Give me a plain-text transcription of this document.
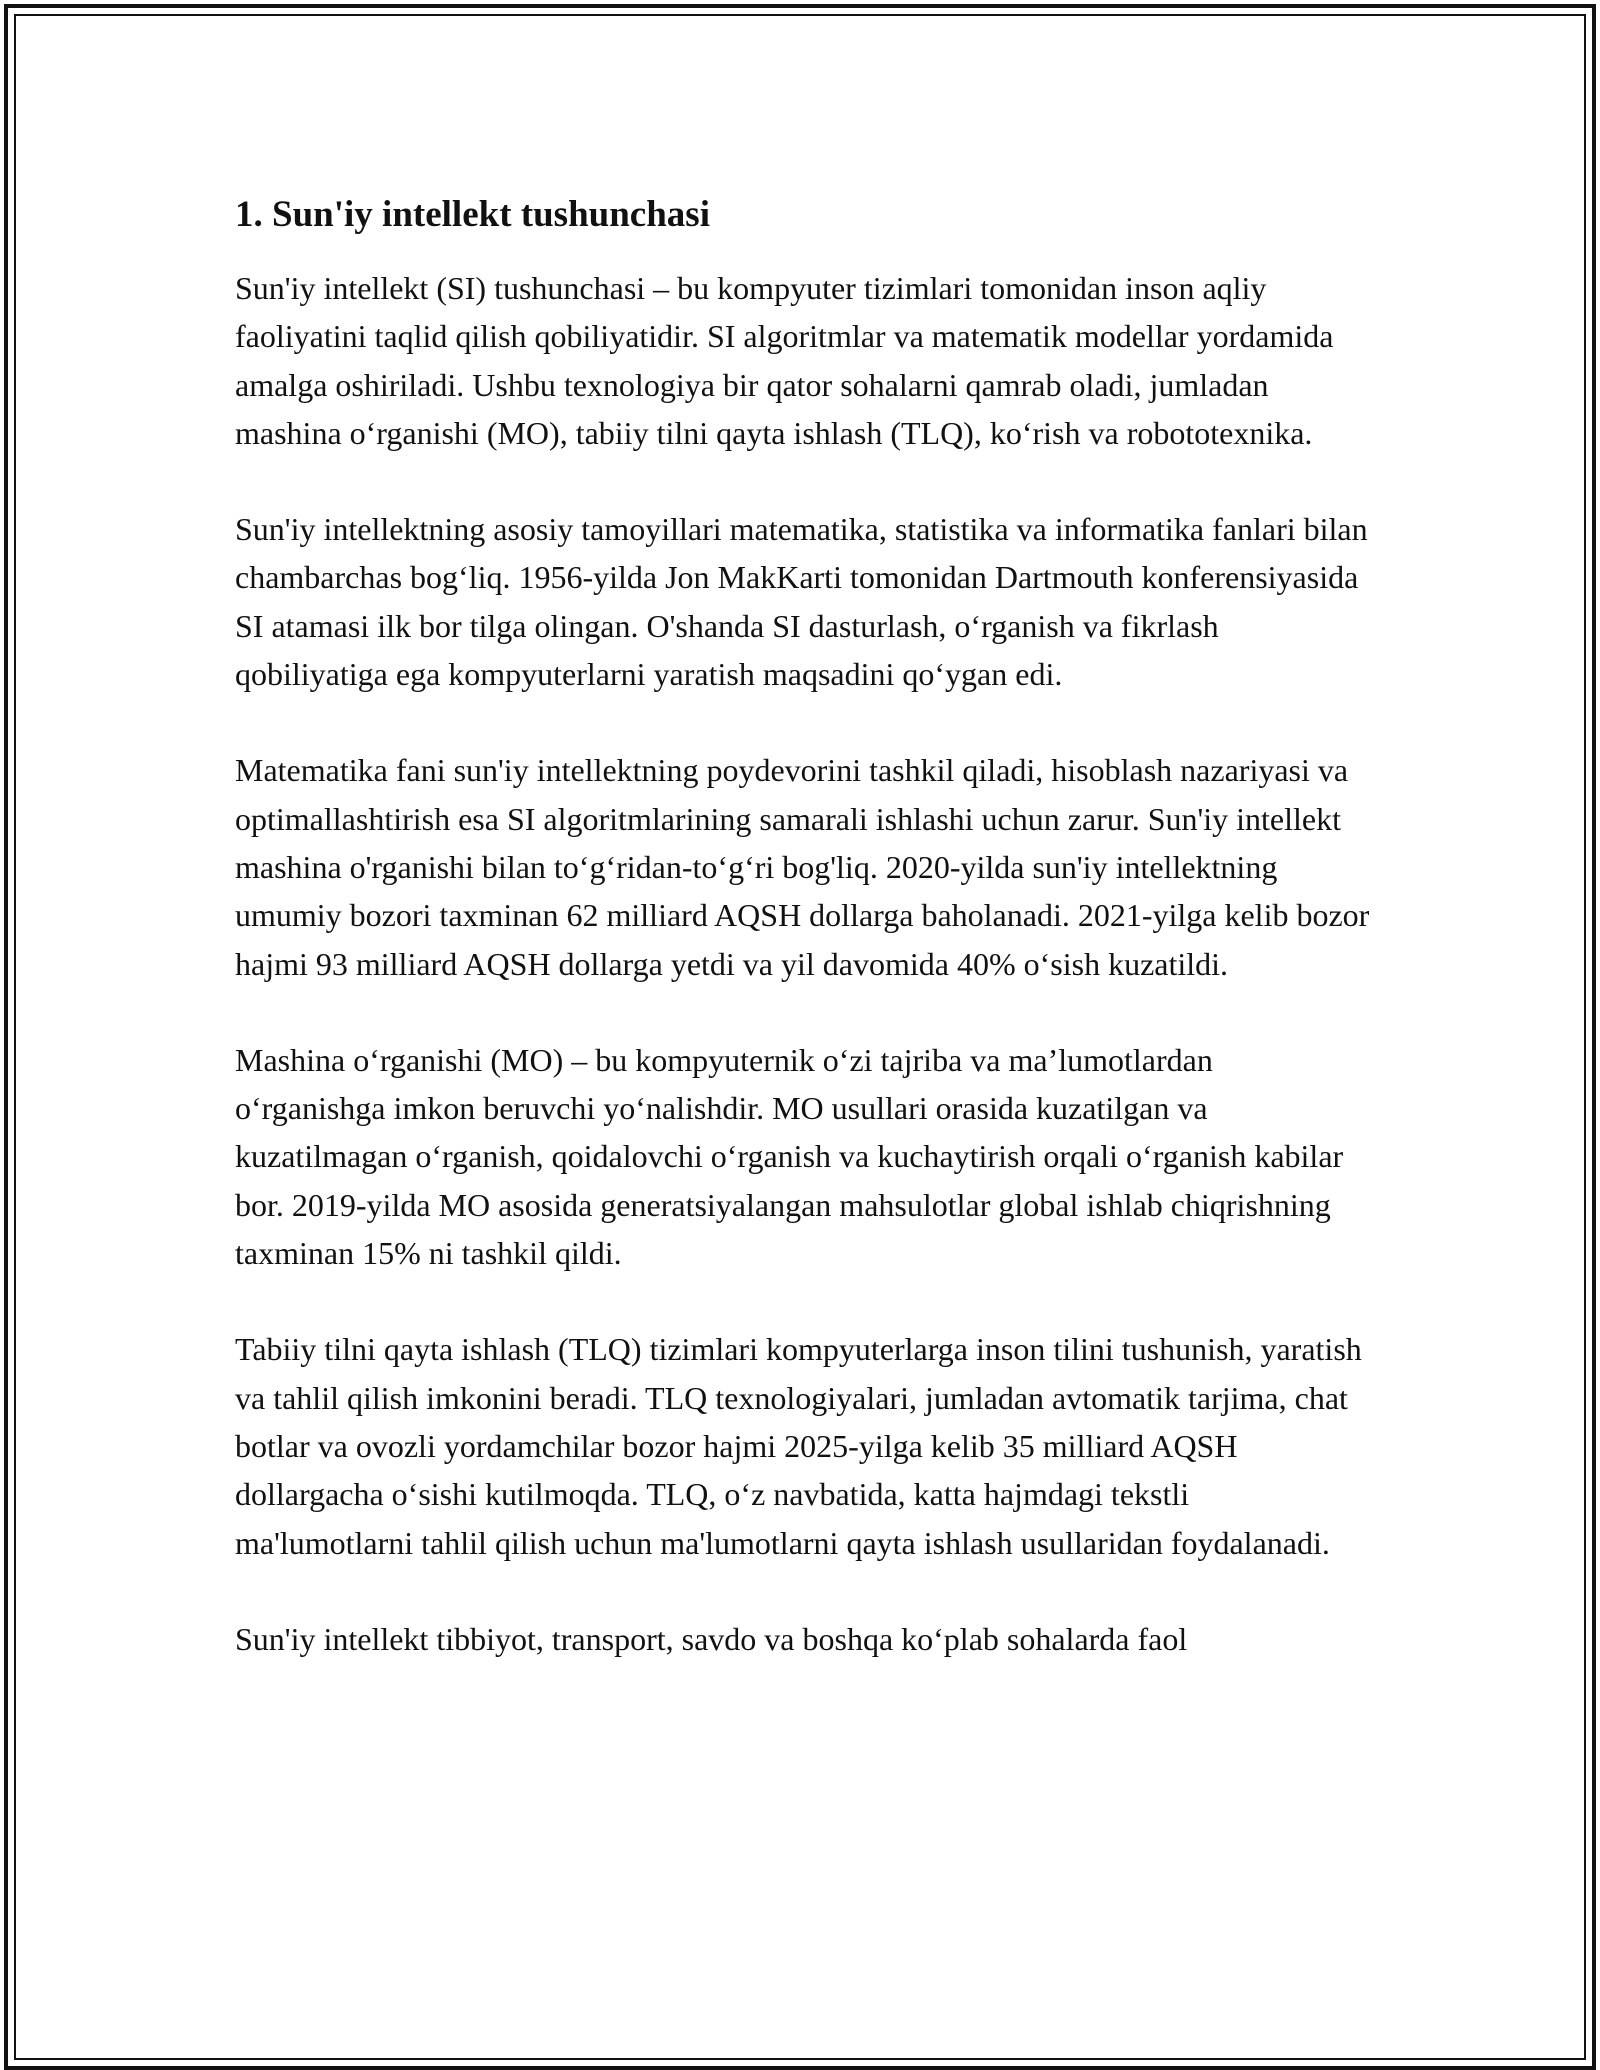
1. Sun'iy intellekt tushunchasi

Sun'iy intellekt (SI) tushunchasi – bu kompyuter tizimlari tomonidan inson aqliy faoliyatini taqlid qilish qobiliyatidir. SI algoritmlar va matematik modellar yordamida amalga oshiriladi. Ushbu texnologiya bir qator sohalarni qamrab oladi, jumladan mashina o‘rganishi (MO), tabiiy tilni qayta ishlash (TLQ), ko‘rish va robototexnika.

Sun'iy intellektning asosiy tamoyillari matematika, statistika va informatika fanlari bilan chambarchas bog‘liq. 1956-yilda Jon MakKarti tomonidan Dartmouth konferensiyasida SI atamasi ilk bor tilga olingan. O'shanda SI dasturlash, o‘rganish va fikrlash qobiliyatiga ega kompyuterlarni yaratish maqsadini qo‘ygan edi.

Matematika fani sun'iy intellektning poydevorini tashkil qiladi, hisoblash nazariyasi va optimallashtirish esa SI algoritmlarining samarali ishlashi uchun zarur. Sun'iy intellekt mashina o'rganishi bilan to‘g‘ridan-to‘g‘ri bog'liq. 2020-yilda sun'iy intellektning umumiy bozori taxminan 62 milliard AQSH dollarga baholanadi. 2021-yilga kelib bozor hajmi 93 milliard AQSH dollarga yetdi va yil davomida 40% o‘sish kuzatildi.

Mashina o‘rganishi (MO) – bu kompyuternik o‘zi tajriba va ma’lumotlardan o‘rganishga imkon beruvchi yo‘nalishdir. MO usullari orasida kuzatilgan va kuzatilmagan o‘rganish, qoidalovchi o‘rganish va kuchaytirish orqali o‘rganish kabilar bor. 2019-yilda MO asosida generatsiyalangan mahsulotlar global ishlab chiqrishning taxminan 15% ni tashkil qildi.

Tabiiy tilni qayta ishlash (TLQ) tizimlari kompyuterlarga inson tilini tushunish, yaratish va tahlil qilish imkonini beradi. TLQ texnologiyalari, jumladan avtomatik tarjima, chat botlar va ovozli yordamchilar bozor hajmi 2025-yilga kelib 35 milliard AQSH dollargacha o‘sishi kutilmoqda. TLQ, o‘z navbatida, katta hajmdagi tekstli ma'lumotlarni tahlil qilish uchun ma'lumotlarni qayta ishlash usullaridan foydalanadi.

Sun'iy intellekt tibbiyot, transport, savdo va boshqa ko‘plab sohalarda faol
